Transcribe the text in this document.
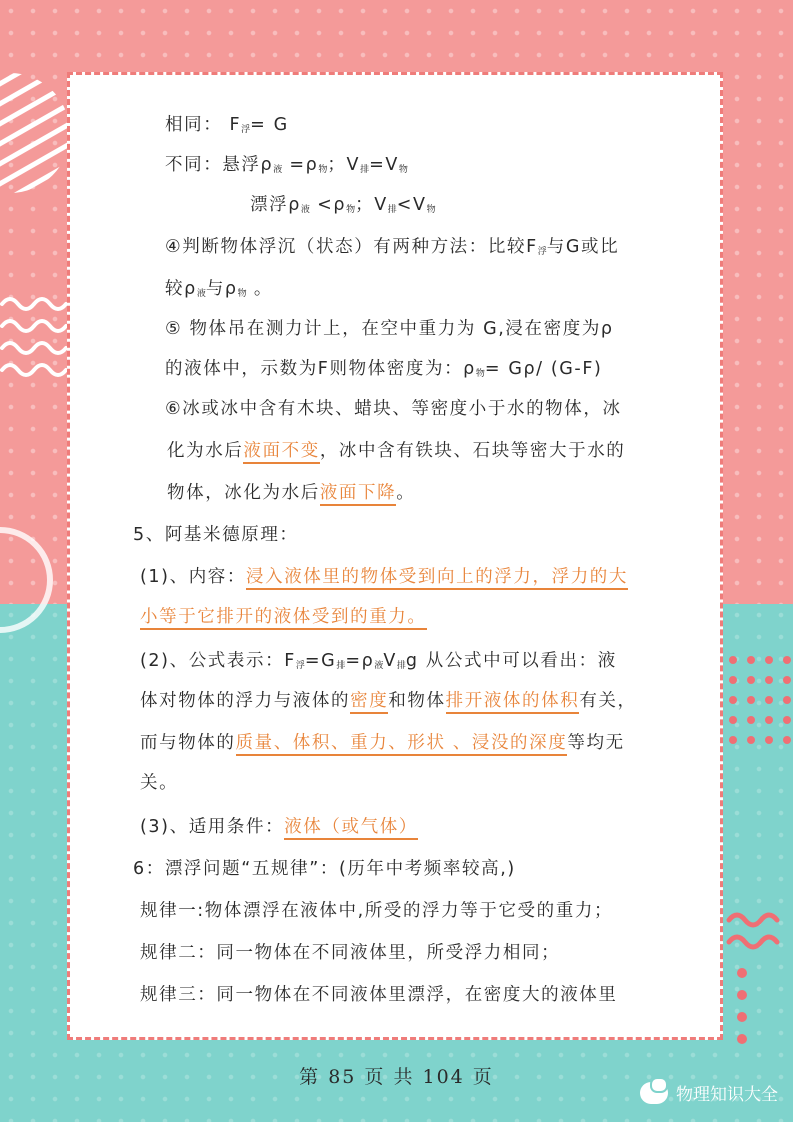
相同： $F_浮= G$
不同：悬浮$\rho_液 =\rho_物$；$V_排=V_物$
漂浮$\rho_液 <\rho_物$；$V_排<V_物$
④判断物体浮沉（状态）有两种方法：比较$F_浮$与G或比
较$\rho_液$与$\rho_物$ 。
⑤ 物体吊在测力计上，在空中重力为 G,浸在密度为ρ
的液体中，示数为F则物体密度为：$\rho_物= G\rho/$ (G-F)
⑥冰或冰中含有木块、蜡块、等密度小于水的物体，冰
化为水后液面不变，冰中含有铁块、石块等密大于水的
物体，冰化为水后液面下降。
5、阿基米德原理：
(1)、内容：浸入液体里的物体受到向上的浮力，浮力的大
小等于它排开的液体受到的重力。
(2)、公式表示：$F_浮=G_排=\rho_液V_排g$ 从公式中可以看出：液
体对物体的浮力与液体的密度和物体排开液体的体积有关，
而与物体的质量、体积、重力、形状 、浸没的深度等均无
关。
(3)、适用条件：液体（或气体）
6：漂浮问题“五规律”：(历年中考频率较高,)
规律一:物体漂浮在液体中,所受的浮力等于它受的重力；
规律二：同一物体在不同液体里，所受浮力相同；
规律三：同一物体在不同液体里漂浮，在密度大的液体里
第 85 页 共 104 页
物理知识大全
